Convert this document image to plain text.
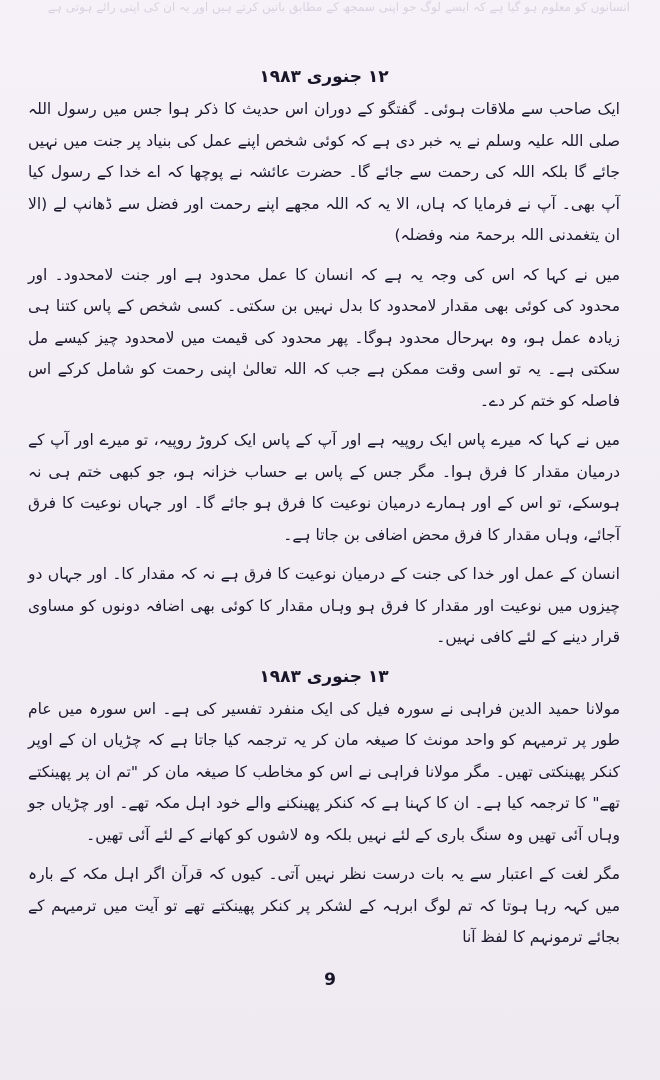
انسانوں کو معلوم ہو گیا ہے کہ ایسے لوگ جو اپنی سمجھ کے مطابق باتیں کرتے ہیں اور یہ ان کی اپنی رائے ہوتی ہے
۱۲ جنوری ۱۹۸۳

ایک صاحب سے ملاقات ہوئی۔ گفتگو کے دوران اس حدیث کا ذکر ہوا جس میں رسول اللہ صلی اللہ علیہ وسلم نے یہ خبر دی ہے کہ کوئی شخص اپنے عمل کی بنیاد پر جنت میں نہیں جائے گا بلکہ اللہ کی رحمت سے جائے گا۔ حضرت عائشہ نے پوچھا کہ اے خدا کے رسول کیا آپ بھی۔ آپ نے فرمایا کہ ہاں، الا یہ کہ اللہ مجھے اپنے رحمت اور فضل سے ڈھانپ لے (الا ان یتغمدنی اللہ برحمۃ منہ وفضلہ)

میں نے کہا کہ اس کی وجہ یہ ہے کہ انسان کا عمل محدود ہے اور جنت لامحدود۔ اور محدود کی کوئی بھی مقدار لامحدود کا بدل نہیں بن سکتی۔ کسی شخص کے پاس کتنا ہی زیادہ عمل ہو، وہ بہرحال محدود ہوگا۔ پھر محدود کی قیمت میں لامحدود چیز کیسے مل سکتی ہے۔ یہ تو اسی وقت ممکن ہے جب کہ اللہ تعالیٰ اپنی رحمت کو شامل کرکے اس فاصلہ کو ختم کر دے۔

میں نے کہا کہ میرے پاس ایک روپیہ ہے اور آپ کے پاس ایک کروڑ روپیہ، تو میرے اور آپ کے درمیان مقدار کا فرق ہوا۔ مگر جس کے پاس بے حساب خزانہ ہو، جو کبھی ختم ہی نہ ہوسکے، تو اس کے اور ہمارے درمیان نوعیت کا فرق ہو جائے گا۔ اور جہاں نوعیت کا فرق آجائے، وہاں مقدار کا فرق محض اضافی بن جاتا ہے۔

انسان کے عمل اور خدا کی جنت کے درمیان نوعیت کا فرق ہے نہ کہ مقدار کا۔ اور جہاں دو چیزوں میں نوعیت اور مقدار کا فرق ہو وہاں مقدار کا کوئی بھی اضافہ دونوں کو مساوی قرار دینے کے لئے کافی نہیں۔

۱۳ جنوری ۱۹۸۳

مولانا حمید الدین فراہی نے سورہ فیل کی ایک منفرد تفسیر کی ہے۔ اس سورہ میں عام طور پر ترمیہم کو واحد مونث کا صیغہ مان کر یہ ترجمہ کیا جاتا ہے کہ چڑیاں ان کے اوپر کنکر پھینکتی تھیں۔ مگر مولانا فراہی نے اس کو مخاطب کا صیغہ مان کر "تم ان پر پھینکتے تھے" کا ترجمہ کیا ہے۔ ان کا کہنا ہے کہ کنکر پھینکنے والے خود اہل مکہ تھے۔ اور چڑیاں جو وہاں آئی تھیں وہ سنگ باری کے لئے نہیں بلکہ وہ لاشوں کو کھانے کے لئے آئی تھیں۔

مگر لغت کے اعتبار سے یہ بات درست نظر نہیں آتی۔ کیوں کہ قرآن اگر اہل مکہ کے بارہ میں کہہ رہا ہوتا کہ تم لوگ ابرہہ کے لشکر پر کنکر پھینکتے تھے تو آیت میں ترمیہم کے بجائے ترمونہم کا لفظ آنا

9
